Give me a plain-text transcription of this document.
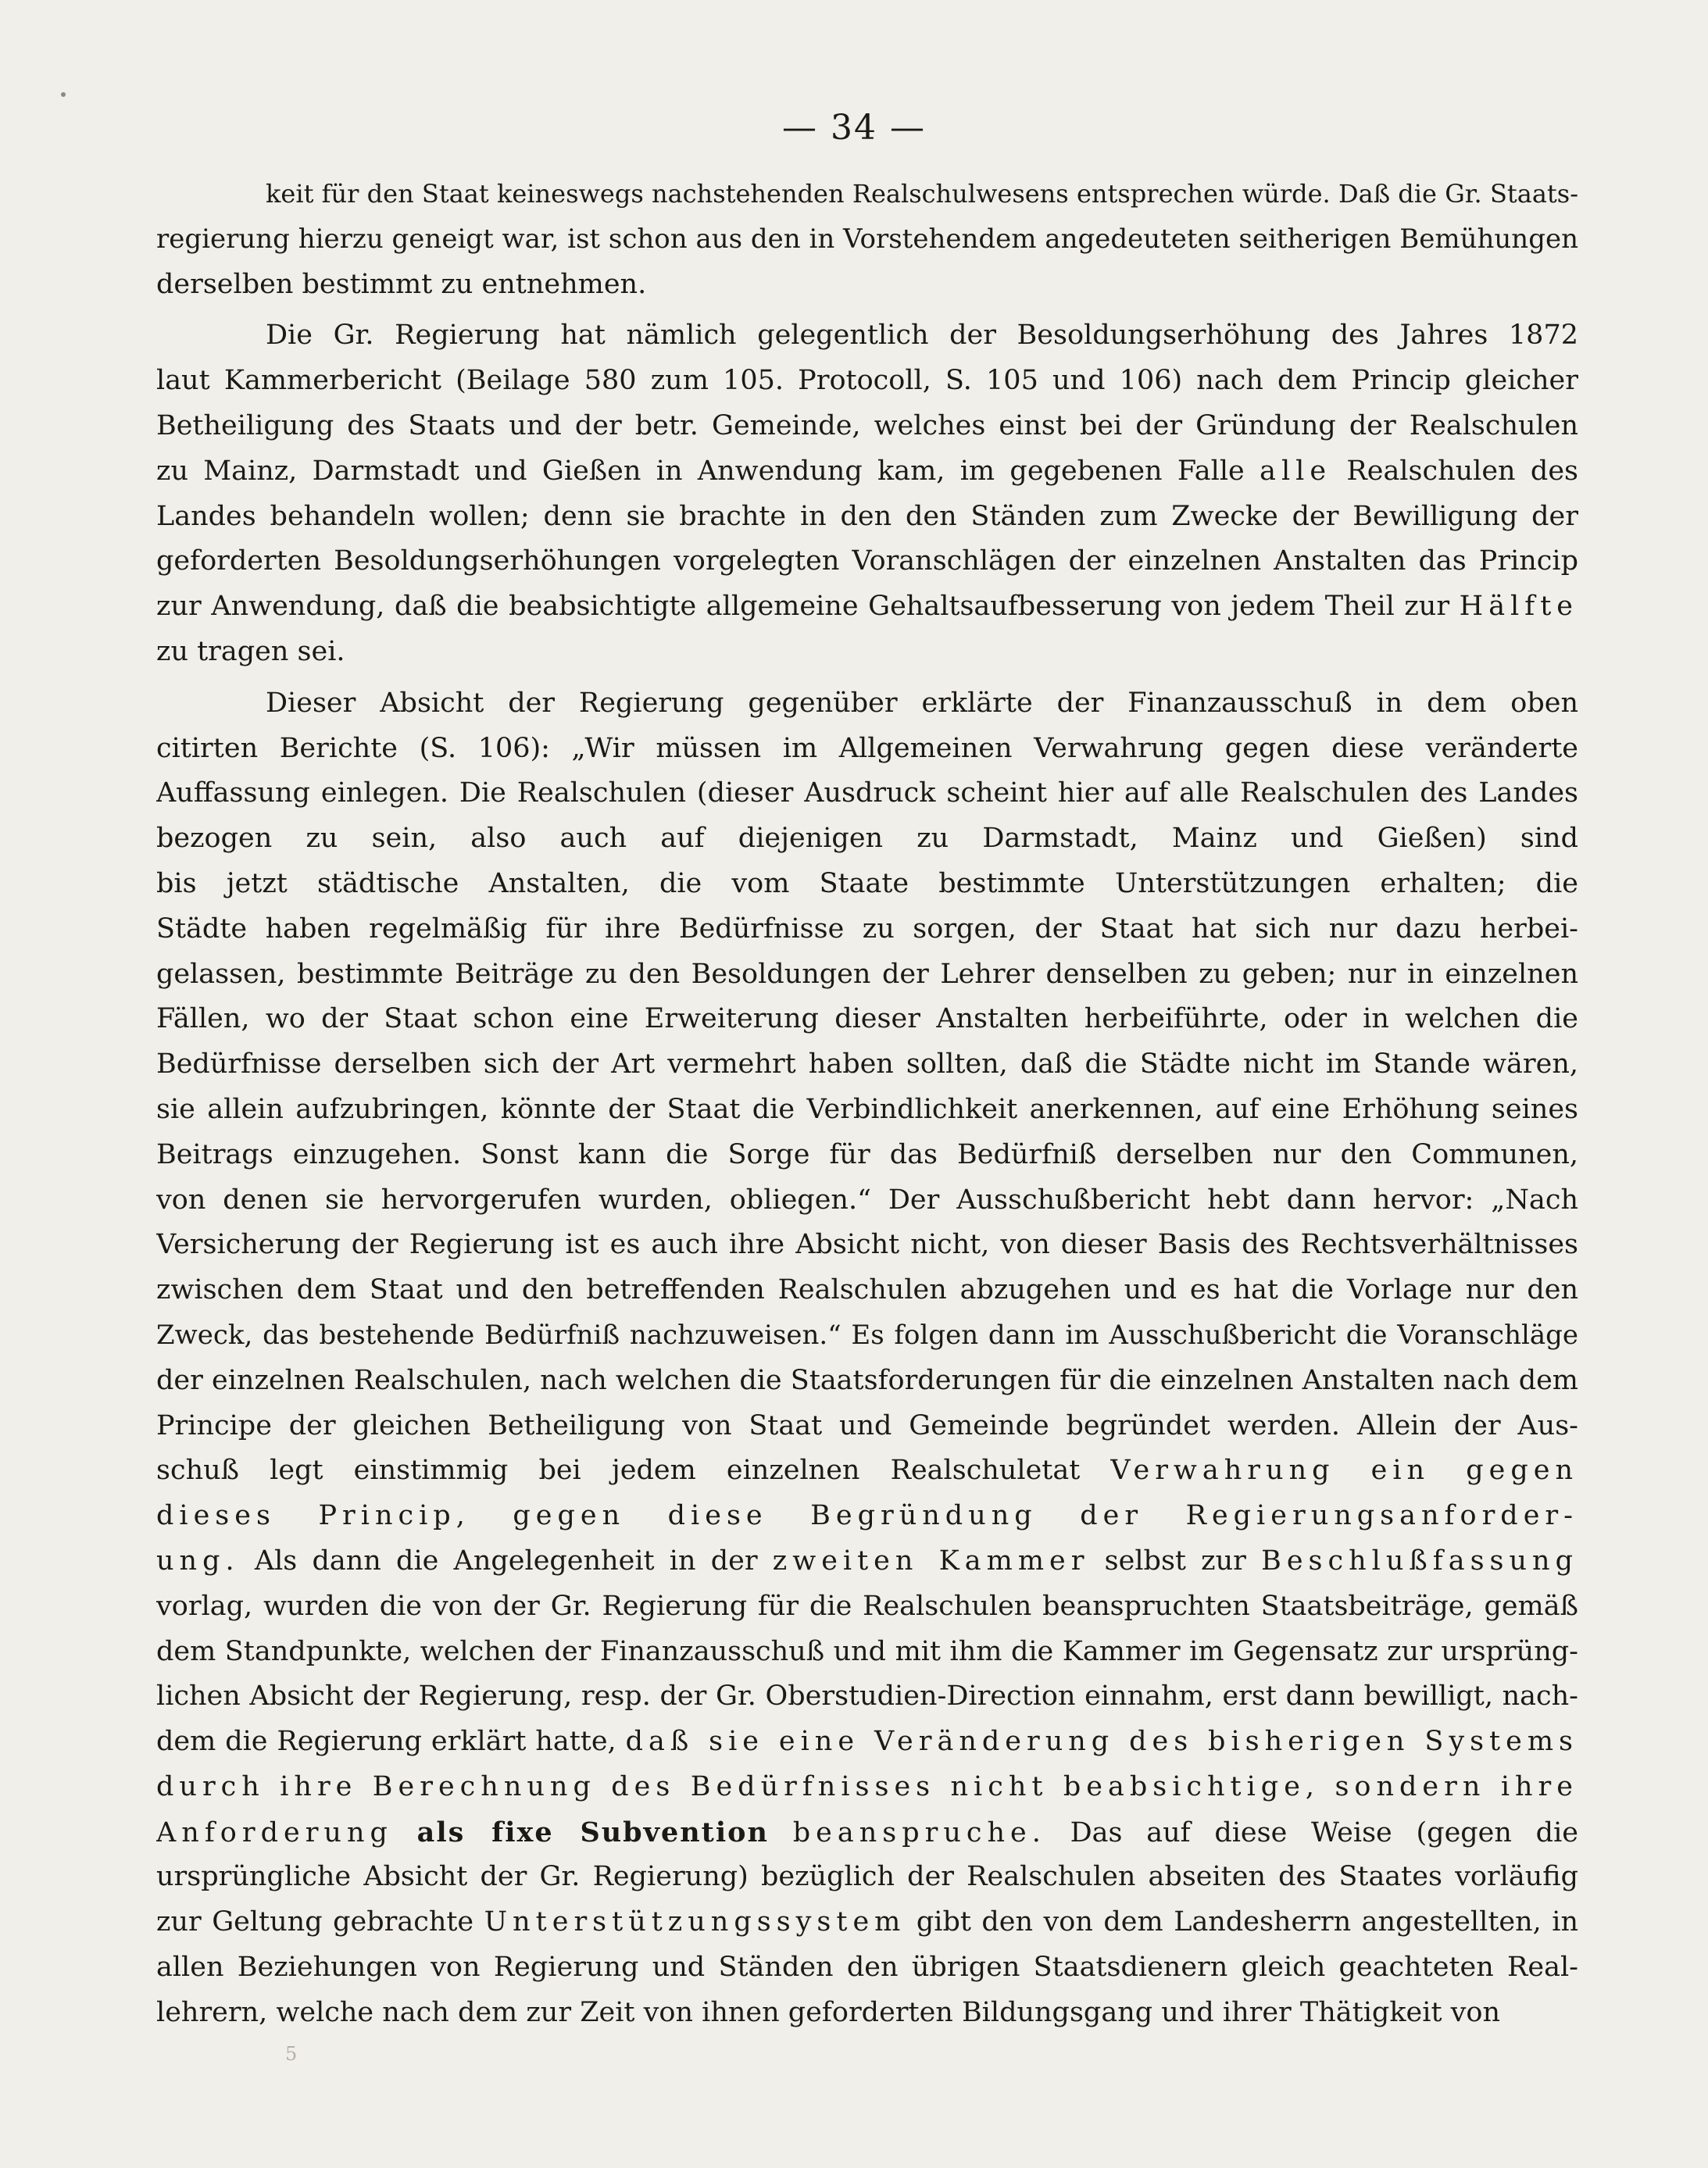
— 34 —
keit für den Staat keineswegs nachstehenden Realschulwesens entsprechen würde. Daß die Gr. Staats-
regierung hierzu geneigt war, ist schon aus den in Vorstehendem angedeuteten seitherigen Bemühungen
derselben bestimmt zu entnehmen.
Die Gr. Regierung hat nämlich gelegentlich der Besoldungserhöhung des Jahres 1872
laut Kammerbericht (Beilage 580 zum 105. Protocoll, S. 105 und 106) nach dem Princip gleicher
Betheiligung des Staats und der betr. Gemeinde, welches einst bei der Gründung der Realschulen
zu Mainz, Darmstadt und Gießen in Anwendung kam, im gegebenen Falle alle Realschulen des
Landes behandeln wollen; denn sie brachte in den den Ständen zum Zwecke der Bewilligung der
geforderten Besoldungserhöhungen vorgelegten Voranschlägen der einzelnen Anstalten das Princip
zur Anwendung, daß die beabsichtigte allgemeine Gehaltsaufbesserung von jedem Theil zur Hälfte
zu tragen sei.
Dieser Absicht der Regierung gegenüber erklärte der Finanzausschuß in dem oben
citirten Berichte (S. 106): „Wir müssen im Allgemeinen Verwahrung gegen diese veränderte
Auffassung einlegen. Die Realschulen (dieser Ausdruck scheint hier auf alle Realschulen des Landes
bezogen zu sein, also auch auf diejenigen zu Darmstadt, Mainz und Gießen) sind
bis jetzt städtische Anstalten, die vom Staate bestimmte Unterstützungen erhalten; die
Städte haben regelmäßig für ihre Bedürfnisse zu sorgen, der Staat hat sich nur dazu herbei-
gelassen, bestimmte Beiträge zu den Besoldungen der Lehrer denselben zu geben; nur in einzelnen
Fällen, wo der Staat schon eine Erweiterung dieser Anstalten herbeiführte, oder in welchen die
Bedürfnisse derselben sich der Art vermehrt haben sollten, daß die Städte nicht im Stande wären,
sie allein aufzubringen, könnte der Staat die Verbindlichkeit anerkennen, auf eine Erhöhung seines
Beitrags einzugehen. Sonst kann die Sorge für das Bedürfniß derselben nur den Communen,
von denen sie hervorgerufen wurden, obliegen.“ Der Ausschußbericht hebt dann hervor: „Nach
Versicherung der Regierung ist es auch ihre Absicht nicht, von dieser Basis des Rechtsverhältnisses
zwischen dem Staat und den betreffenden Realschulen abzugehen und es hat die Vorlage nur den
Zweck, das bestehende Bedürfniß nachzuweisen.“ Es folgen dann im Ausschußbericht die Voranschläge
der einzelnen Realschulen, nach welchen die Staatsforderungen für die einzelnen Anstalten nach dem
Principe der gleichen Betheiligung von Staat und Gemeinde begründet werden. Allein der Aus-
schuß legt einstimmig bei jedem einzelnen Realschuletat Verwahrung ein gegen
dieses Princip, gegen diese Begründung der Regierungsanforder-
ung. Als dann die Angelegenheit in der zweiten Kammer selbst zur Beschlußfassung
vorlag, wurden die von der Gr. Regierung für die Realschulen beanspruchten Staatsbeiträge, gemäß
dem Standpunkte, welchen der Finanzausschuß und mit ihm die Kammer im Gegensatz zur ursprüng-
lichen Absicht der Regierung, resp. der Gr. Oberstudien-Direction einnahm, erst dann bewilligt, nach-
dem die Regierung erklärt hatte, daß sie eine Veränderung des bisherigen Systems
durch ihre Berechnung des Bedürfnisses nicht beabsichtige, sondern ihre
Anforderung als fixe Subvention beanspruche. Das auf diese Weise (gegen die
ursprüngliche Absicht der Gr. Regierung) bezüglich der Realschulen abseiten des Staates vorläufig
zur Geltung gebrachte Unterstützungssystem gibt den von dem Landesherrn angestellten, in
allen Beziehungen von Regierung und Ständen den übrigen Staatsdienern gleich geachteten Real-
lehrern, welche nach dem zur Zeit von ihnen geforderten Bildungsgang und ihrer Thätigkeit von
5
